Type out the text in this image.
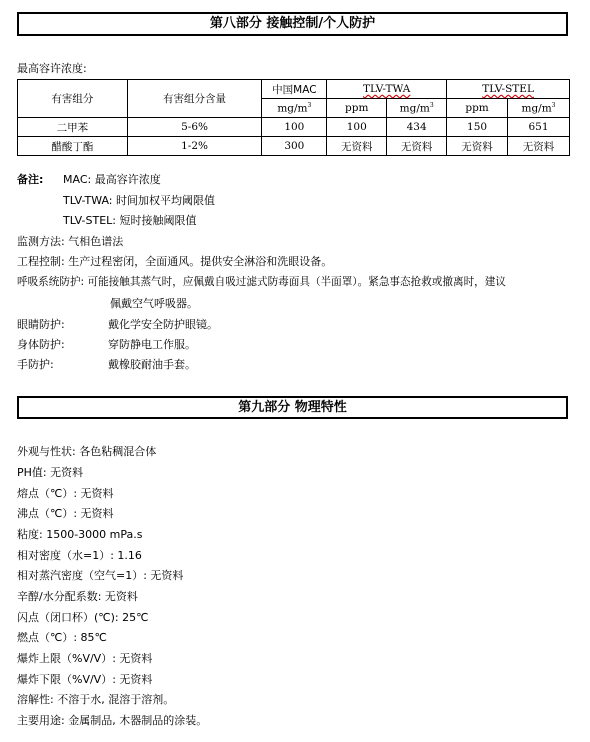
第八部分 接触控制/个人防护
最高容许浓度:
有害组分	有害组分含量	中国MAC	TLV-TWA		TLV-STEL	
		$mg/m^3$	ppm	$mg/m^3$	ppm	$mg/m^3$
二甲苯	5-6%	100	100	434	150	651
醋酸丁酯	1-2%	300	无资料	无资料	无资料	无资料
备注: MAC: 最高容许浓度
TLV-TWA: 时间加权平均阈限值
TLV-STEL: 短时接触阈限值
监测方法: 气相色谱法
工程控制: 生产过程密闭，全面通风。提供安全淋浴和洗眼设备。
呼吸系统防护: 可能接触其蒸气时，应佩戴自吸过滤式防毒面具（半面罩）。紧急事态抢救或撤离时，建议
佩戴空气呼吸器。
眼睛防护:	戴化学安全防护眼镜。
身体防护:	穿防静电工作服。
手防护:	戴橡胶耐油手套。
第九部分 物理特性
外观与性状: 各色粘稠混合体
PH值: 无资料
熔点（℃）: 无资料
沸点（℃）: 无资料
粘度: 1500-3000 mPa.s
相对密度（水=1）: 1.16
相对蒸汽密度（空气=1）: 无资料
辛醇/水分配系数: 无资料
闪点（闭口杯）(℃): 25℃
燃点（℃）: 85℃
爆炸上限（%V/V）: 无资料
爆炸下限（%V/V）: 无资料
溶解性: 不溶于水, 混溶于溶剂。
主要用途: 金属制品, 木器制品的涂装。
